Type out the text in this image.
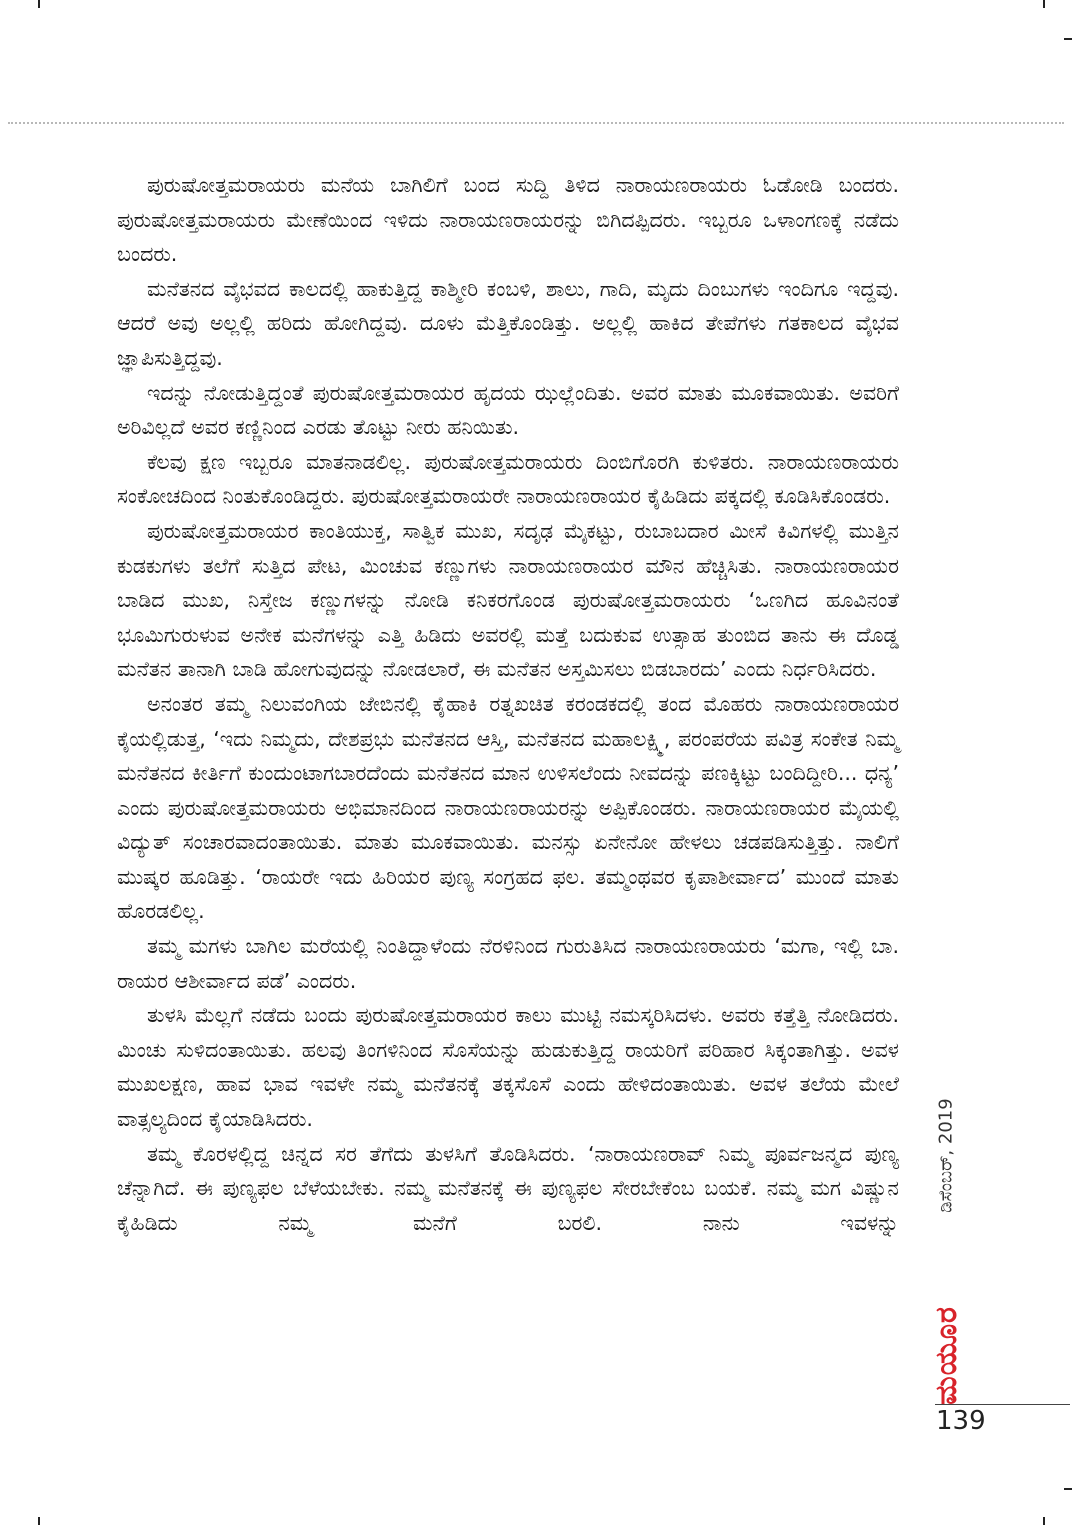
ಪುರುಷೋತ್ತಮರಾಯರು ಮನೆಯ ಬಾಗಿಲಿಗೆ ಬಂದ ಸುದ್ದಿ ತಿಳಿದ ನಾರಾಯಣರಾಯರು ಓಡೋಡಿ ಬಂದರು. ಪುರುಷೋತ್ತಮರಾಯರು ಮೇಣೆಯಿಂದ ಇಳಿದು ನಾರಾಯಣರಾಯರನ್ನು ಬಿಗಿದಪ್ಪಿದರು. ಇಬ್ಬರೂ ಒಳಾಂಗಣಕ್ಕೆ ನಡೆದು ಬಂದರು.

ಮನೆತನದ ವೈಭವದ ಕಾಲದಲ್ಲಿ ಹಾಕುತ್ತಿದ್ದ ಕಾಶ್ಮೀರಿ ಕಂಬಳಿ, ಶಾಲು, ಗಾದಿ, ಮೃದು ದಿಂಬುಗಳು ಇಂದಿಗೂ ಇದ್ದವು. ಆದರೆ ಅವು ಅಲ್ಲಲ್ಲಿ ಹರಿದು ಹೋಗಿದ್ದವು. ದೂಳು ಮೆತ್ತಿಕೊಂಡಿತ್ತು. ಅಲ್ಲಲ್ಲಿ ಹಾಕಿದ ತೇಪೆಗಳು ಗತಕಾಲದ ವೈಭವ ಜ್ಞಾಪಿಸುತ್ತಿದ್ದವು.

ಇದನ್ನು ನೋಡುತ್ತಿದ್ದಂತೆ ಪುರುಷೋತ್ತಮರಾಯರ ಹೃದಯ ಝಲ್ಲೆಂದಿತು. ಅವರ ಮಾತು ಮೂಕವಾಯಿತು. ಅವರಿಗೆ ಅರಿವಿಲ್ಲದೆ ಅವರ ಕಣ್ಣಿನಿಂದ ಎರಡು ತೊಟ್ಟು ನೀರು ಹನಿಯಿತು.

ಕೆಲವು ಕ್ಷಣ ಇಬ್ಬರೂ ಮಾತನಾಡಲಿಲ್ಲ. ಪುರುಷೋತ್ತಮರಾಯರು ದಿಂಬಿಗೊರಗಿ ಕುಳಿತರು. ನಾರಾಯಣರಾಯರು ಸಂಕೋಚದಿಂದ ನಿಂತುಕೊಂಡಿದ್ದರು. ಪುರುಷೋತ್ತಮರಾಯರೇ ನಾರಾಯಣರಾಯರ ಕೈಹಿಡಿದು ಪಕ್ಕದಲ್ಲಿ ಕೂಡಿಸಿಕೊಂಡರು.

ಪುರುಷೋತ್ತಮರಾಯರ ಕಾಂತಿಯುಕ್ತ, ಸಾತ್ವಿಕ ಮುಖ, ಸದೃಢ ಮೈಕಟ್ಟು, ರುಬಾಬದಾರ ಮೀಸೆ ಕಿವಿಗಳಲ್ಲಿ ಮುತ್ತಿನ ಕುಡಕುಗಳು ತಲೆಗೆ ಸುತ್ತಿದ ಪೇಟ, ಮಿಂಚುವ ಕಣ್ಣುಗಳು ನಾರಾಯಣರಾಯರ ಮೌನ ಹೆಚ್ಚಿಸಿತು. ನಾರಾಯಣರಾಯರ ಬಾಡಿದ ಮುಖ, ನಿಸ್ತೇಜ ಕಣ್ಣುಗಳನ್ನು ನೋಡಿ ಕನಿಕರಗೊಂಡ ಪುರುಷೋತ್ತಮರಾಯರು ‘ಒಣಗಿದ ಹೂವಿನಂತೆ ಭೂಮಿಗುರುಳುವ ಅನೇಕ ಮನೆಗಳನ್ನು ಎತ್ತಿ ಹಿಡಿದು ಅವರಲ್ಲಿ ಮತ್ತೆ ಬದುಕುವ ಉತ್ಸಾಹ ತುಂಬಿದ ತಾನು ಈ ದೊಡ್ಡ ಮನೆತನ ತಾನಾಗಿ ಬಾಡಿ ಹೋಗುವುದನ್ನು ನೋಡಲಾರೆ, ಈ ಮನೆತನ ಅಸ್ತಮಿಸಲು ಬಿಡಬಾರದು’ ಎಂದು ನಿರ್ಧರಿಸಿದರು.

ಅನಂತರ ತಮ್ಮ ನಿಲುವಂಗಿಯ ಜೇಬಿನಲ್ಲಿ ಕೈಹಾಕಿ ರತ್ನಖಚಿತ ಕರಂಡಕದಲ್ಲಿ ತಂದ ಮೊಹರು ನಾರಾಯಣರಾಯರ ಕೈಯಲ್ಲಿಡುತ್ತ, ‘ಇದು ನಿಮ್ಮದು, ದೇಶಪ್ರಭು ಮನೆತನದ ಆಸ್ತಿ, ಮನೆತನದ ಮಹಾಲಕ್ಷ್ಮಿ, ಪರಂಪರೆಯ ಪವಿತ್ರ ಸಂಕೇತ ನಿಮ್ಮ ಮನೆತನದ ಕೀರ್ತಿಗೆ ಕುಂದುಂಟಾಗಬಾರದೆಂದು ಮನೆತನದ ಮಾನ ಉಳಿಸಲೆಂದು ನೀವದನ್ನು ಪಣಕ್ಕಿಟ್ಟು ಬಂದಿದ್ದೀರಿ... ಧನ್ಯ’ ಎಂದು ಪುರುಷೋತ್ತಮರಾಯರು ಅಭಿಮಾನದಿಂದ ನಾರಾಯಣರಾಯರನ್ನು ಅಪ್ಪಿಕೊಂಡರು. ನಾರಾಯಣರಾಯರ ಮೈಯಲ್ಲಿ ವಿದ್ಯುತ್ ಸಂಚಾರವಾದಂತಾಯಿತು. ಮಾತು ಮೂಕವಾಯಿತು. ಮನಸ್ಸು ಏನೇನೋ ಹೇಳಲು ಚಡಪಡಿಸುತ್ತಿತ್ತು. ನಾಲಿಗೆ ಮುಷ್ಕರ ಹೂಡಿತ್ತು. ‘ರಾಯರೇ ಇದು ಹಿರಿಯರ ಪುಣ್ಯ ಸಂಗ್ರಹದ ಫಲ. ತಮ್ಮಂಥವರ ಕೃಪಾಶೀರ್ವಾದ’ ಮುಂದೆ ಮಾತು ಹೊರಡಲಿಲ್ಲ.

ತಮ್ಮ ಮಗಳು ಬಾಗಿಲ ಮರೆಯಲ್ಲಿ ನಿಂತಿದ್ದಾಳೆಂದು ನೆರಳಿನಿಂದ ಗುರುತಿಸಿದ ನಾರಾಯಣರಾಯರು ‘ಮಗಾ, ಇಲ್ಲಿ ಬಾ. ರಾಯರ ಆಶೀರ್ವಾದ ಪಡೆ’ ಎಂದರು.

ತುಳಸಿ ಮೆಲ್ಲಗೆ ನಡೆದು ಬಂದು ಪುರುಷೋತ್ತಮರಾಯರ ಕಾಲು ಮುಟ್ಟಿ ನಮಸ್ಕರಿಸಿದಳು. ಅವರು ಕತ್ತೆತ್ತಿ ನೋಡಿದರು. ಮಿಂಚು ಸುಳಿದಂತಾಯಿತು. ಹಲವು ತಿಂಗಳಿನಿಂದ ಸೊಸೆಯನ್ನು ಹುಡುಕುತ್ತಿದ್ದ ರಾಯರಿಗೆ ಪರಿಹಾರ ಸಿಕ್ಕಂತಾಗಿತ್ತು. ಅವಳ ಮುಖಲಕ್ಷಣ, ಹಾವ ಭಾವ ಇವಳೇ ನಮ್ಮ ಮನೆತನಕ್ಕೆ ತಕ್ಕಸೊಸೆ ಎಂದು ಹೇಳಿದಂತಾಯಿತು. ಅವಳ ತಲೆಯ ಮೇಲೆ ವಾತ್ಸಲ್ಯದಿಂದ ಕೈಯಾಡಿಸಿದರು.

ತಮ್ಮ ಕೊರಳಲ್ಲಿದ್ದ ಚಿನ್ನದ ಸರ ತೆಗೆದು ತುಳಸಿಗೆ ತೊಡಿಸಿದರು. ‘ನಾರಾಯಣರಾವ್ ನಿಮ್ಮ ಪೂರ್ವಜನ್ಮದ ಪುಣ್ಯ ಚೆನ್ನಾಗಿದೆ. ಈ ಪುಣ್ಯಫಲ ಬೆಳೆಯಬೇಕು. ನಮ್ಮ ಮನೆತನಕ್ಕೆ ಈ ಪುಣ್ಯಫಲ ಸೇರಬೇಕೆಂಬ ಬಯಕೆ. ನಮ್ಮ ಮಗ ವಿಷ್ಣುನ ಕೈಹಿಡಿದು ನಮ್ಮ ಮನೆಗೆ ಬರಲಿ. ನಾನು ಇವಳನ್ನು

ಡಿಸೆಂಬರ್, 2019
ಮಯೂರ
139
